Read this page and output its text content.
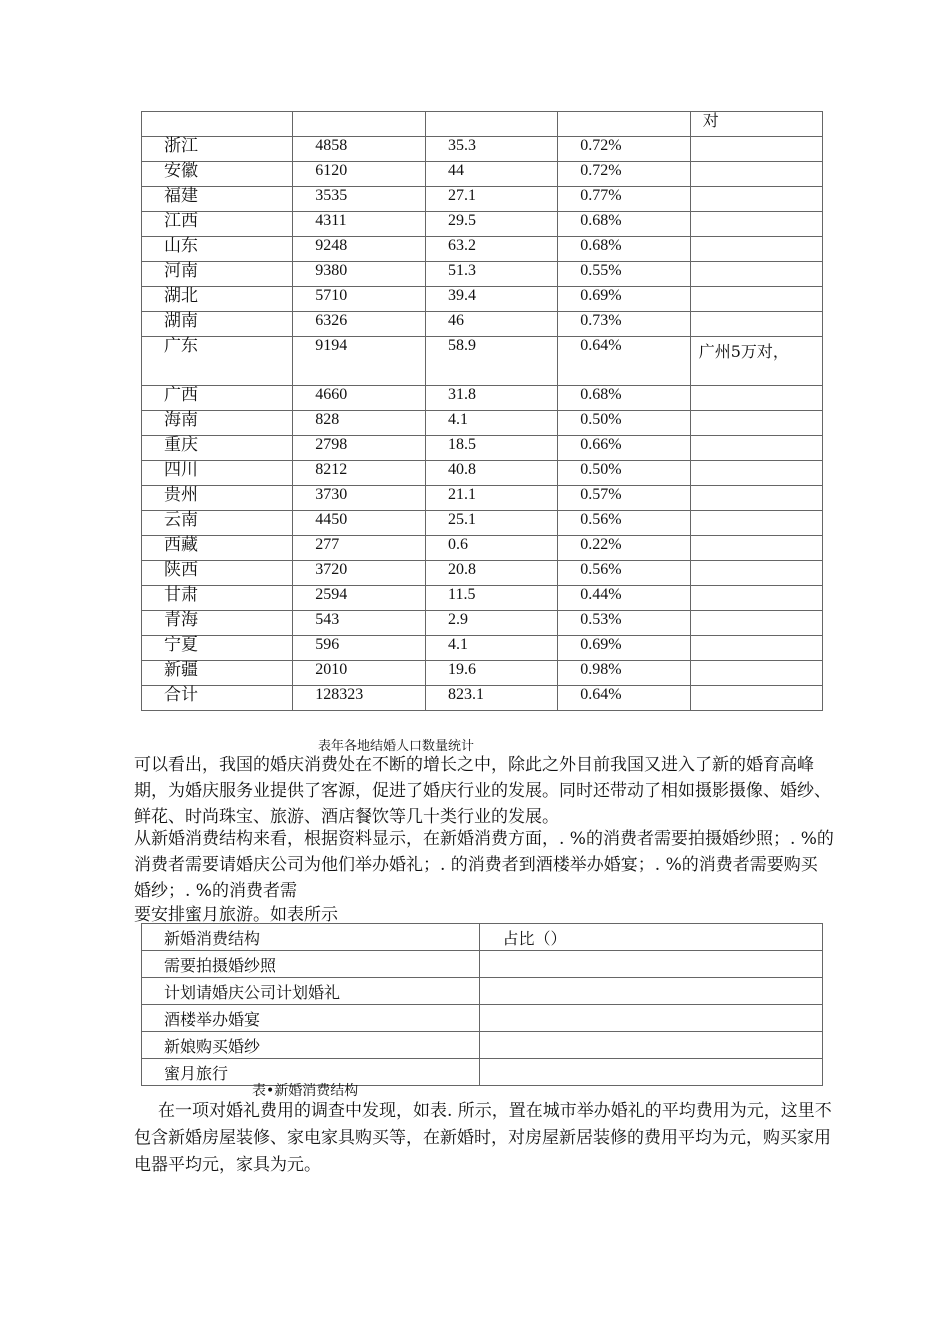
				对

浙江	4858	35.3	0.72%	
安徽	6120	44	0.72%	
福建	3535	27.1	0.77%	
江西	4311	29.5	0.68%	
山东	9248	63.2	0.68%	
河南	9380	51.3	0.55%	
湖北	5710	39.4	0.69%	
湖南	6326	46	0.73%	
广东	9194	58.9	0.64%	广州5万对，

广西	4660	31.8	0.68%	
海南	828	4.1	0.50%	
重庆	2798	18.5	0.66%	
四川	8212	40.8	0.50%	
贵州	3730	21.1	0.57%	
云南	4450	25.1	0.56%	
西藏	277	0.6	0.22%	
陕西	3720	20.8	0.56%	
甘肃	2594	11.5	0.44%	
青海	543	2.9	0.53%	
宁夏	596	4.1	0.69%	
新疆	2010	19.6	0.98%	
合计	128323	823.1	0.64%	
表年各地结婚人口数量统计
可以看出，我国的婚庆消费处在不断的增长之中，除此之外目前我国又进入了新的婚育高峰期，为婚庆服务业提供了客源，促进了婚庆行业的发展。同时还带动了相如摄影摄像、婚纱、鲜花、时尚珠宝、旅游、酒店餐饮等几十类行业的发展。
从新婚消费结构来看，根据资料显示，在新婚消费方面，. %的消费者需要拍摄婚纱照；. %的消费者需要请婚庆公司为他们举办婚礼；. 的消费者到酒楼举办婚宴；. %的消费者需要购买婚纱；. %的消费者需
要安排蜜月旅游。如表所示
新婚消费结构	占比（）
需要拍摄婚纱照	
计划请婚庆公司计划婚礼	
酒楼举办婚宴	
新娘购买婚纱	
蜜月旅行	
表•新婚消费结构
在一项对婚礼费用的调查中发现，如表. 所示，置在城市举办婚礼的平均费用为元，这里不包含新婚房屋装修、家电家具购买等，在新婚时，对房屋新居装修的费用平均为元，购买家用电器平均元，家具为元。
